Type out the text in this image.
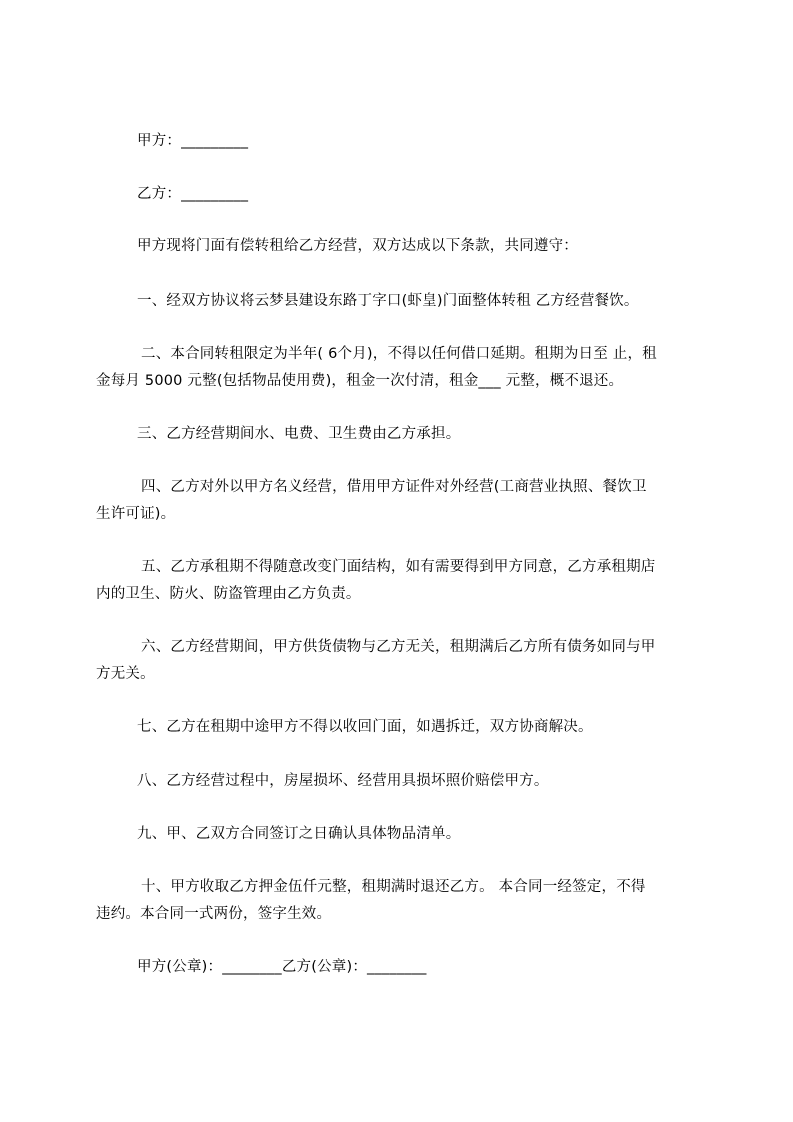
甲方：_________
乙方：_________
甲方现将门面有偿转租给乙方经营，双方达成以下条款，共同遵守：
一、经双方协议将云梦县建设东路丁字口(虾皇)门面整体转租 乙方经营餐饮。
二、本合同转租限定为半年( 6个月)，不得以任何借口延期。租期为日至 止，租
金每月 5000 元整(包括物品使用费)，租金一次付清，租金___ 元整，概不退还。
三、乙方经营期间水、电费、卫生费由乙方承担。
四、乙方对外以甲方名义经营，借用甲方证件对外经营(工商营业执照、餐饮卫
生许可证)。
五、乙方承租期不得随意改变门面结构，如有需要得到甲方同意，乙方承租期店
内的卫生、防火、防盗管理由乙方负责。
六、乙方经营期间，甲方供货债物与乙方无关，租期满后乙方所有债务如同与甲
方无关。
七、乙方在租期中途甲方不得以收回门面，如遇拆迁，双方协商解决。
八、乙方经营过程中，房屋损坏、经营用具损坏照价赔偿甲方。
九、甲、乙双方合同签订之日确认具体物品清单。
十、甲方收取乙方押金伍仟元整，租期满时退还乙方。 本合同一经签定，不得
违约。本合同一式两份，签字生效。
甲方(公章)：________乙方(公章)：________
